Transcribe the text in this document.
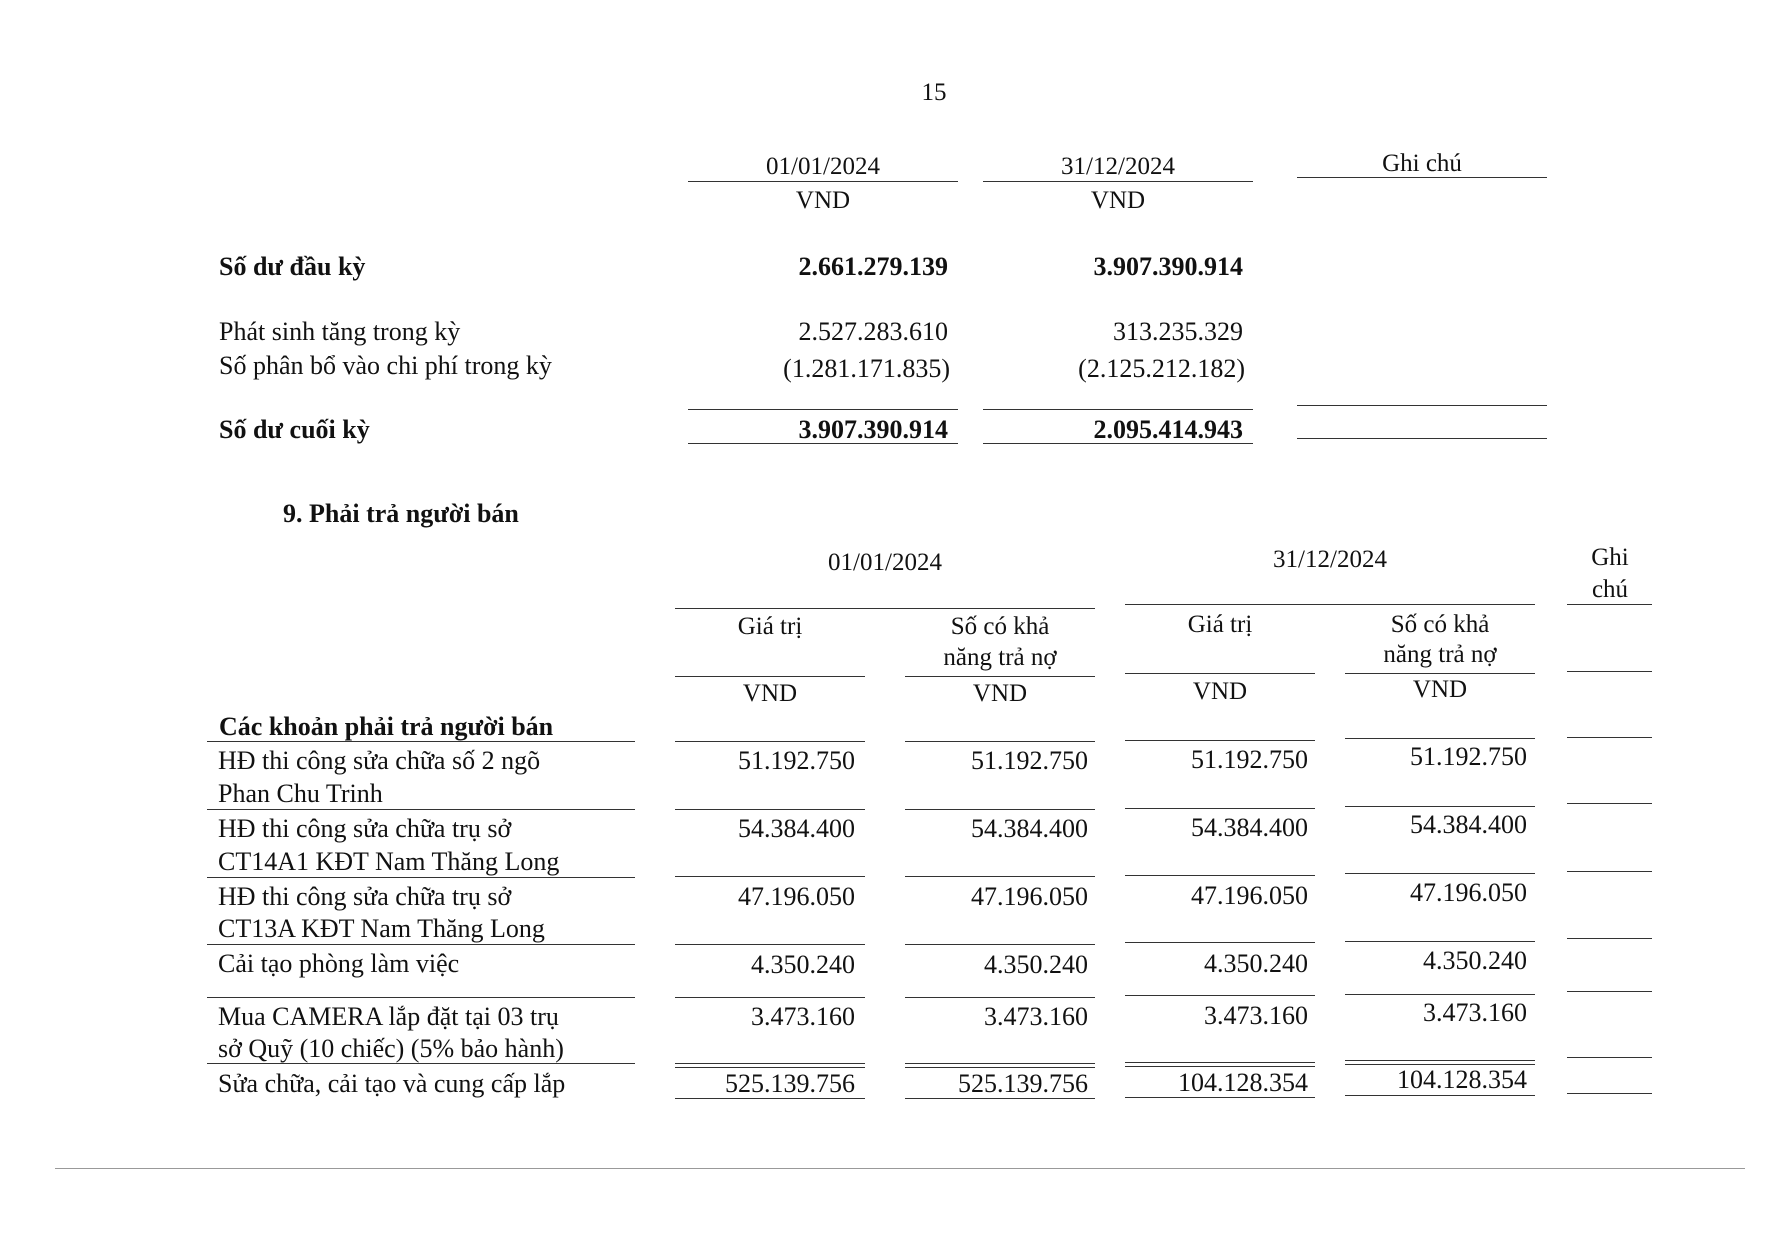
15
01/01/2024	31/12/2024	Ghi chú
VND	VND
Số dư đầu kỳ	2.661.279.139	3.907.390.914
Phát sinh tăng trong kỳ	2.527.283.610	313.235.329
Số phân bổ vào chi phí trong kỳ	(1.281.171.835)	(2.125.212.182)
Số dư cuối kỳ	3.907.390.914	2.095.414.943
9. Phải trả người bán
01/01/2024	31/12/2024	Ghi
chú
Giá trị	Số có khả
năng trả nợ
Giá trị	Số có khả
năng trả nợ
VND	VND	VND	VND
Các khoản phải trả người bán
HĐ thi công sửa chữa số 2 ngõ
Phan Chu Trinh
51.192.750	51.192.750	51.192.750	51.192.750
HĐ thi công sửa chữa trụ sở
CT14A1 KĐT Nam Thăng Long
54.384.400	54.384.400	54.384.400	54.384.400
HĐ thi công sửa chữa trụ sở
CT13A KĐT Nam Thăng Long
47.196.050	47.196.050	47.196.050	47.196.050
Cải tạo phòng làm việc	4.350.240	4.350.240	4.350.240	4.350.240
Mua CAMERA lắp đặt tại 03 trụ
sở Quỹ (10 chiếc) (5% bảo hành)
3.473.160	3.473.160	3.473.160	3.473.160
Sửa chữa, cải tạo và cung cấp lắp	525.139.756	525.139.756	104.128.354	104.128.354
